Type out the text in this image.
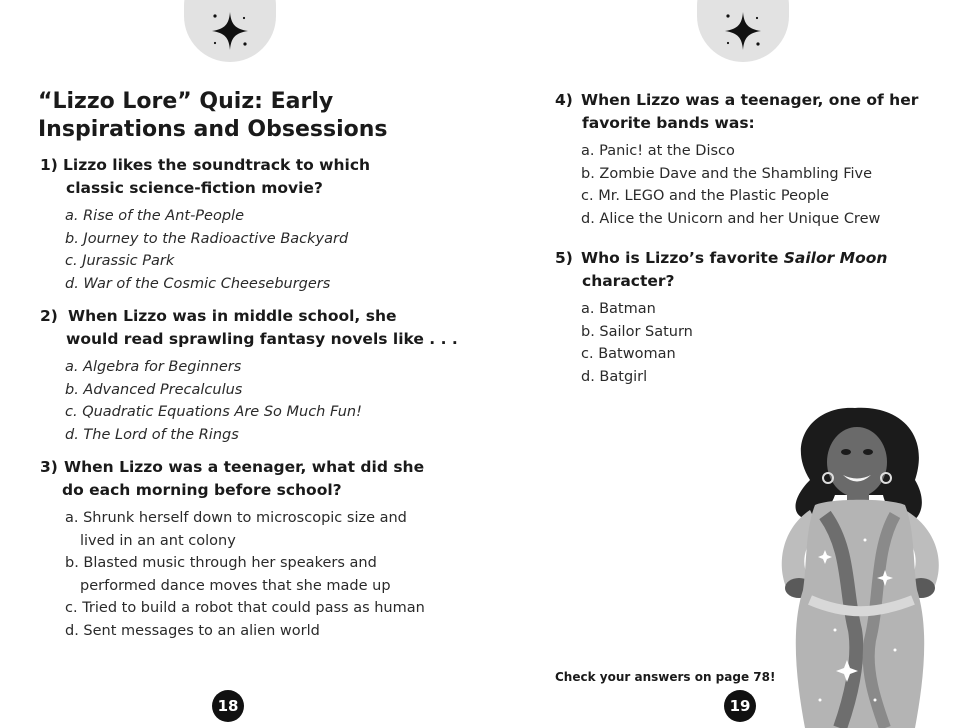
“Lizzo Lore” Quiz: Early
Inspirations and Obsessions
1) Lizzo likes the soundtrack to which
classic science-fiction movie?
a. Rise of the Ant-People
b. Journey to the Radioactive Backyard
c. Jurassic Park
d. War of the Cosmic Cheeseburgers
2) When Lizzo was in middle school, she
would read sprawling fantasy novels like . . .
a. Algebra for Beginners
b. Advanced Precalculus
c. Quadratic Equations Are So Much Fun!
d. The Lord of the Rings
3) When Lizzo was a teenager, what did she
do each morning before school?
a. Shrunk herself down to microscopic size and lived in an ant colony
b. Blasted music through her speakers and performed dance moves that she made up
c. Tried to build a robot that could pass as human
d. Sent messages to an alien world
18
4) When Lizzo was a teenager, one of her
favorite bands was:
a. Panic! at the Disco
b. Zombie Dave and the Shambling Five
c. Mr. LEGO and the Plastic People
d. Alice the Unicorn and her Unique Crew
5) Who is Lizzo’s favorite Sailor Moon
character?
a. Batman
b. Sailor Saturn
c. Batwoman
d. Batgirl
Check your answers on page 78!
19
